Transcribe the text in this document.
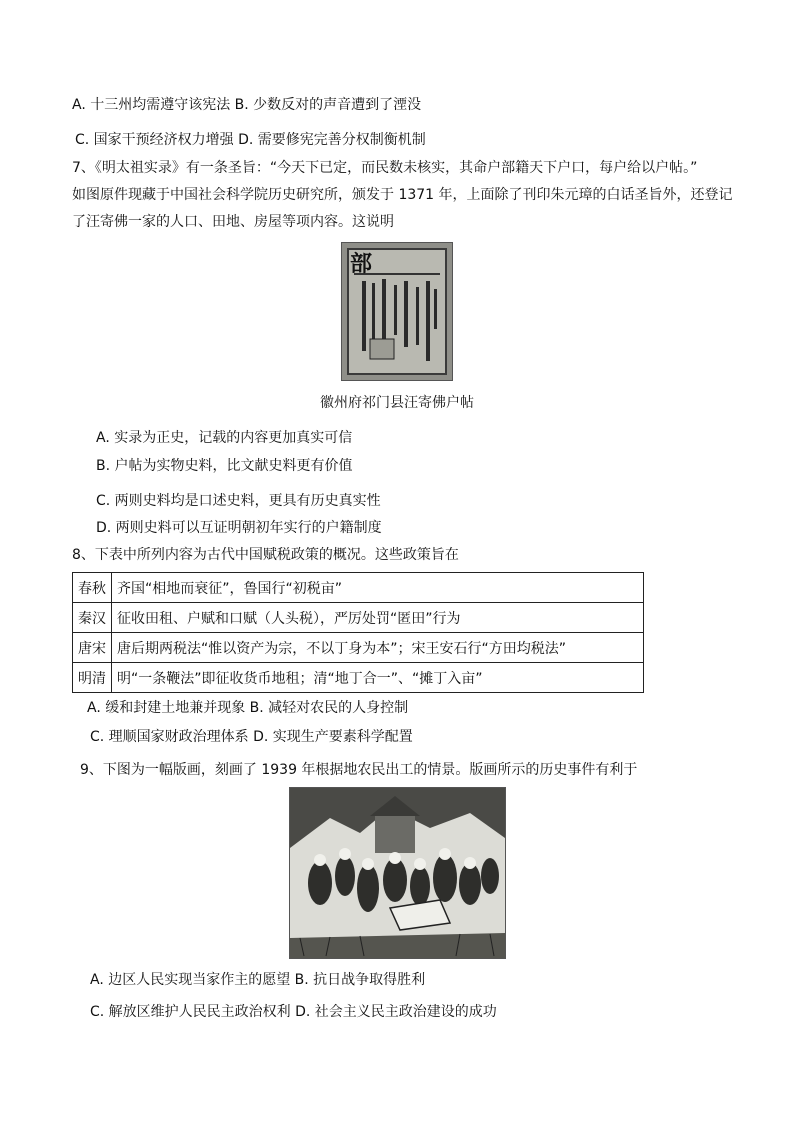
A. 十三州均需遵守该宪法 B. 少数反对的声音遭到了湮没
C. 国家干预经济权力增强 D. 需要修宪完善分权制衡机制
7、《明太祖实录》有一条圣旨：“今天下已定，而民数未核实，其命户部籍天下户口，每户给以户帖。”
如图原件现藏于中国社会科学院历史研究所，颁发于 1371 年，上面除了刊印朱元璋的白话圣旨外，还登记
了汪寄佛一家的人口、田地、房屋等项内容。这说明
部
徽州府祁门县汪寄佛户帖
A. 实录为正史，记载的内容更加真实可信
B. 户帖为实物史料，比文献史料更有价值
C. 两则史料均是口述史料，更具有历史真实性
D. 两则史料可以互证明朝初年实行的户籍制度
8、下表中所列内容为古代中国赋税政策的概况。这些政策旨在
春秋	齐国“相地而衰征”，鲁国行“初税亩”
秦汉	征收田租、户赋和口赋（人头税），严厉处罚“匿田”行为
唐宋	唐后期两税法“惟以资产为宗，不以丁身为本”；宋王安石行“方田均税法”
明清	明“一条鞭法”即征收货币地租；清“地丁合一”、“摊丁入亩”
A. 缓和封建土地兼并现象 B. 减轻对农民的人身控制
C. 理顺国家财政治理体系 D. 实现生产要素科学配置
9、下图为一幅版画，刻画了 1939 年根据地农民出工的情景。版画所示的历史事件有利于
A. 边区人民实现当家作主的愿望 B. 抗日战争取得胜利
C. 解放区维护人民民主政治权利 D. 社会主义民主政治建设的成功
